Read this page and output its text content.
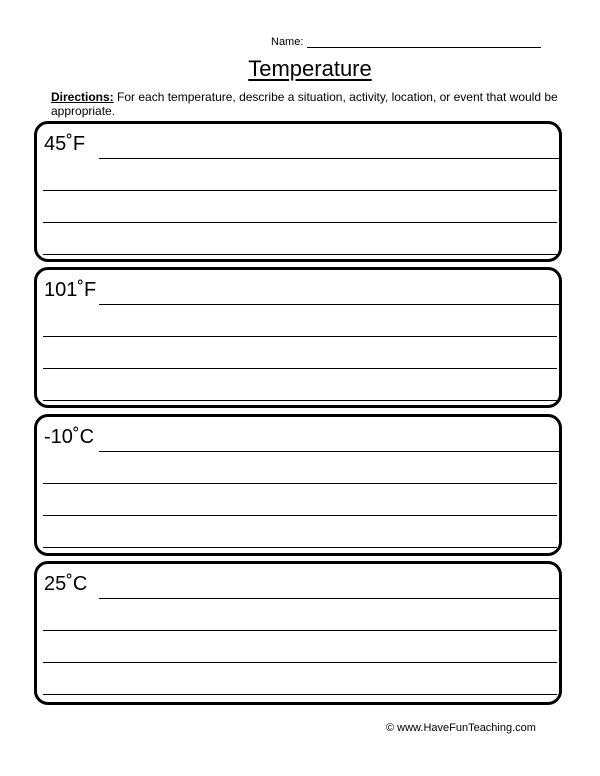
Name:
Temperature
Directions: For each temperature, describe a situation, activity, location, or event that would be appropriate.
45˚F
101˚F
-10˚C
25˚C
© www.HaveFunTeaching.com
